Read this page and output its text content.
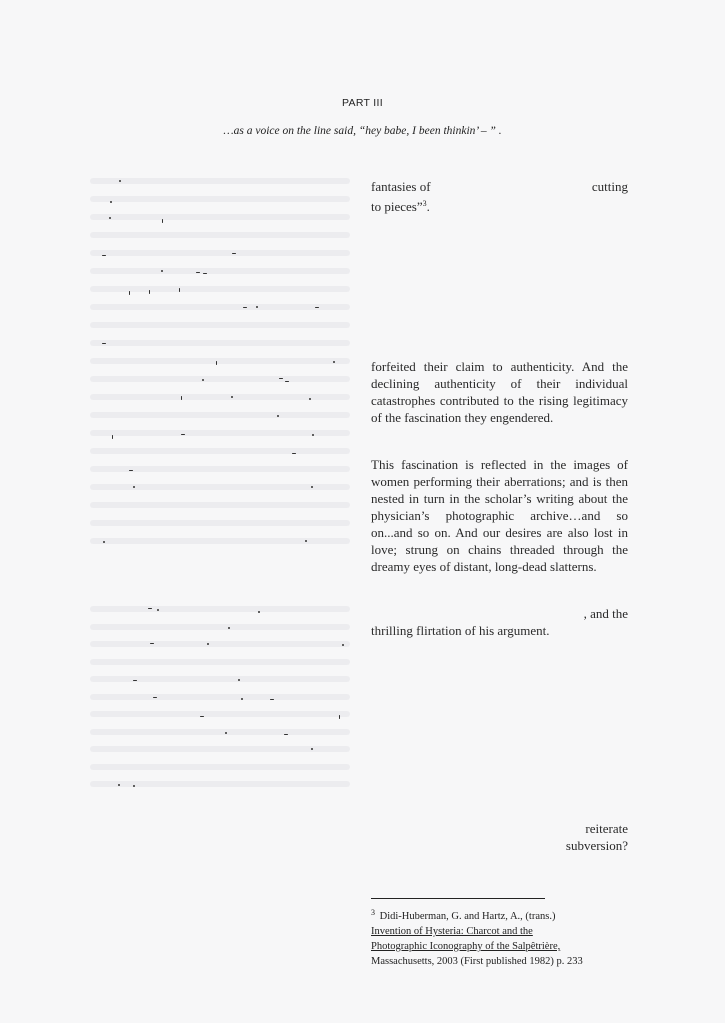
PART III
…as a voice on the line said, “hey babe, I been thinkin’ – ” .
fantasies of	cutting
to pieces”$^3$.
forfeited their claim to authenticity. And the declining authenticity of their individual catastrophes contributed to the rising legitimacy of the fascination they engendered.
This fascination is reflected in the images of women performing their aberrations; and is then nested in turn in the scholar’s writing about the physician’s photographic archive…and so on...and so on. And our desires are also lost in love; strung on chains threaded through the dreamy eyes of distant, long-dead slatterns.
, and the
thrilling flirtation of his argument.
reiterate
subversion?
$^3$ Didi-Huberman, G. and Hartz, A., (trans.)
Invention of Hysteria: Charcot and the
Photographic Iconography of the Salpêtrière,
Massachusetts, 2003 (First published 1982) p. 233
